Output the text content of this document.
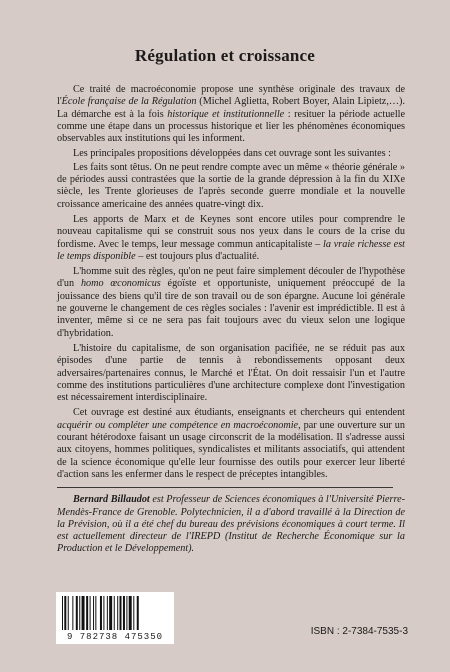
Régulation et croissance

Ce traité de macroéconomie propose une synthèse originale des travaux de l'École française de la Régulation (Michel Aglietta, Robert Boyer, Alain Lipietz,…). La démarche est à la fois historique et institutionnelle : resituer la période actuelle comme une étape dans un processus historique et lier les phénomènes économiques observables aux institutions qui les informent.

Les principales propositions développées dans cet ouvrage sont les suivantes :

Les faits sont têtus. On ne peut rendre compte avec un même « théorie générale » de périodes aussi contrastées que la sortie de la grande dépression à la fin du XIXe siècle, les Trente glorieuses de l'après seconde guerre mondiale et la nouvelle croissance americaine des années quatre-vingt dix.

Les apports de Marx et de Keynes sont encore utiles pour comprendre le nouveau capitalisme qui se construit sous nos yeux dans le cours de la crise du fordisme. Avec le temps, leur message commun anticapitaliste – la vraie richesse est le temps disponible – est toujours plus d'actualité.

L'homme suit des règles, qu'on ne peut faire simplement découler de l'hypothèse d'un homo œconomicus égoïste et opportuniste, uniquement préoccupé de la jouissance des biens qu'il tire de son travail ou de son épargne. Aucune loi générale ne gouverne le changement de ces règles sociales : l'avenir est imprédictible. Il est à inventer, même si ce ne sera pas fait toujours avec du vieux selon une logique d'hybridation.

L'histoire du capitalisme, de son organisation pacifiée, ne se réduit pas aux épisodes d'une partie de tennis à rebondissements opposant deux adversaires/partenaires connus, le Marché et l'État. On doit ressaisir l'un et l'autre comme des institutions particulières d'une architecture complexe dont l'investigation est nécessairement interdisciplinaire.

Cet ouvrage est destiné aux étudiants, enseignants et chercheurs qui entendent acquérir ou compléter une compétence en macroéconomie, par une ouverture sur un courant hétérodoxe faisant un usage circonscrit de la modélisation. Il s'adresse aussi aux citoyens, hommes politiques, syndicalistes et militants associatifs, qui attendent de la science économique qu'elle leur fournisse des outils pour exercer leur liberté d'action sans les enfermer dans le respect de préceptes intangibles.

Bernard Billaudot est Professeur de Sciences économiques à l'Université Pierre-Mendès-France de Grenoble. Polytechnicien, il a d'abord travaillé à la Direction de la Prévision, où il a été chef du bureau des prévisions économiques à court terme. Il est actuellement directeur de l'IREPD (Institut de Recherche Économique sur la Production et le Développement).

9 782738 475350	ISBN : 2-7384-7535-3
